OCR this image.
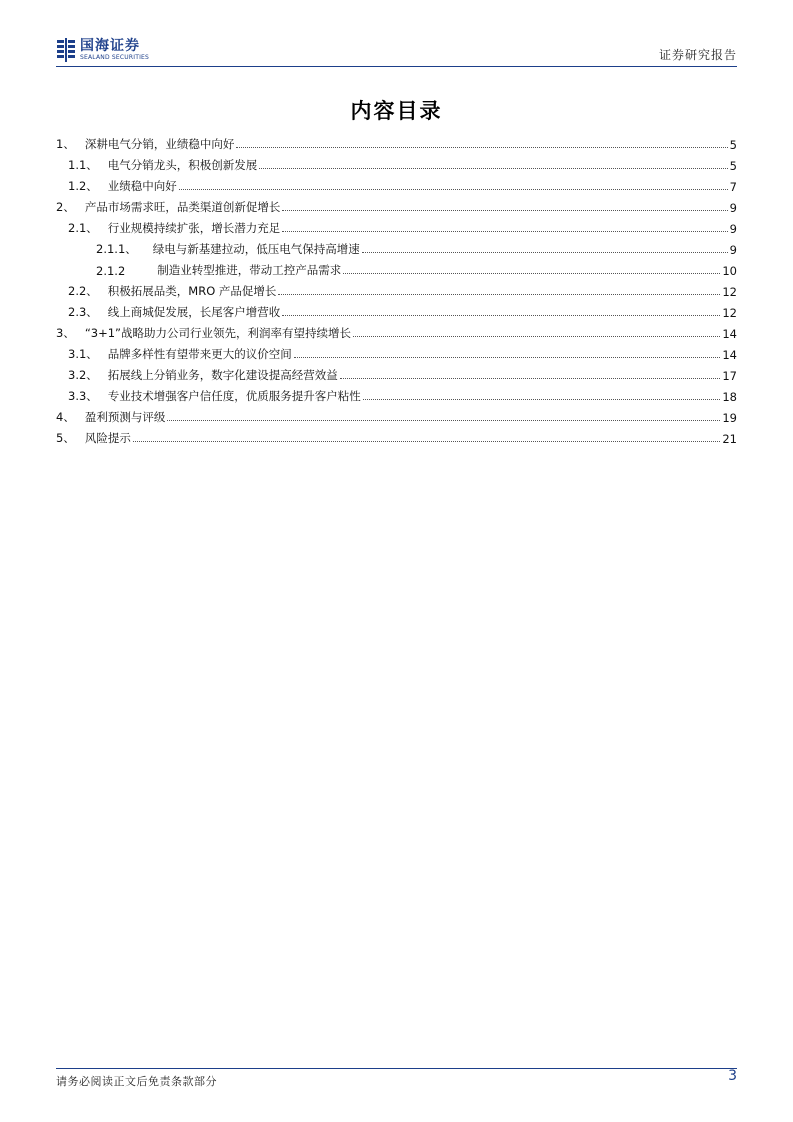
国海证券
SEALAND SECURITIES	证券研究报告
内容目录
1、 深耕电气分销，业绩稳中向好	5
1.1、 电气分销龙头，积极创新发展	5
1.2、 业绩稳中向好	7
2、 产品市场需求旺，品类渠道创新促增长	9
2.1、 行业规模持续扩张，增长潜力充足	9
2.1.1、 绿电与新基建拉动，低压电气保持高增速	9
2.1.2	制造业转型推进，带动工控产品需求	10
2.2、 积极拓展品类，MRO 产品促增长	12
2.3、 线上商城促发展，长尾客户增营收	12
3、 “3+1”战略助力公司行业领先，利润率有望持续增长	14
3.1、 品牌多样性有望带来更大的议价空间	14
3.2、 拓展线上分销业务，数字化建设提高经营效益	17
3.3、 专业技术增强客户信任度，优质服务提升客户粘性	18
4、 盈利预测与评级	19
5、 风险提示	21
请务必阅读正文后免责条款部分	3
